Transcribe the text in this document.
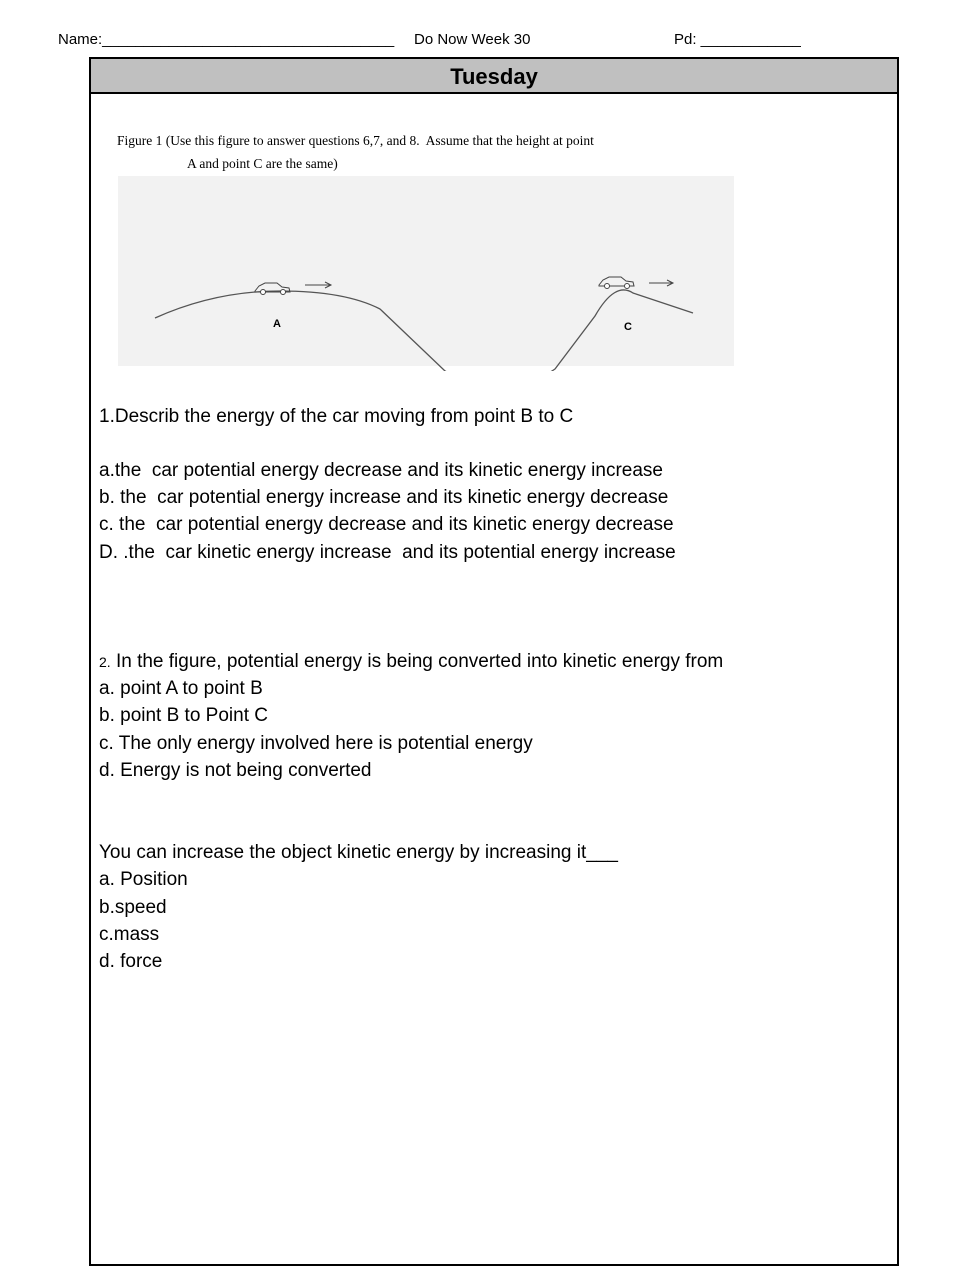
Name:___________________________________ Do Now Week 30	Pd: ____________
Tuesday
Figure 1 (Use this figure to answer questions 6,7, and 8.  Assume that the height at point
A and point C are the same)
A	C
1.Describ the energy of the car moving from point B to C
a.the  car potential energy decrease and its kinetic energy increase
b. the  car potential energy increase and its kinetic energy decrease
c. the  car potential energy decrease and its kinetic energy decrease
D. .the  car kinetic energy increase  and its potential energy increase
2. In the figure, potential energy is being converted into kinetic energy from
a. point A to point B
b. point B to Point C
c. The only energy involved here is potential energy
d. Energy is not being converted
You can increase the object kinetic energy by increasing it___
a. Position
b.speed
c.mass
d. force
